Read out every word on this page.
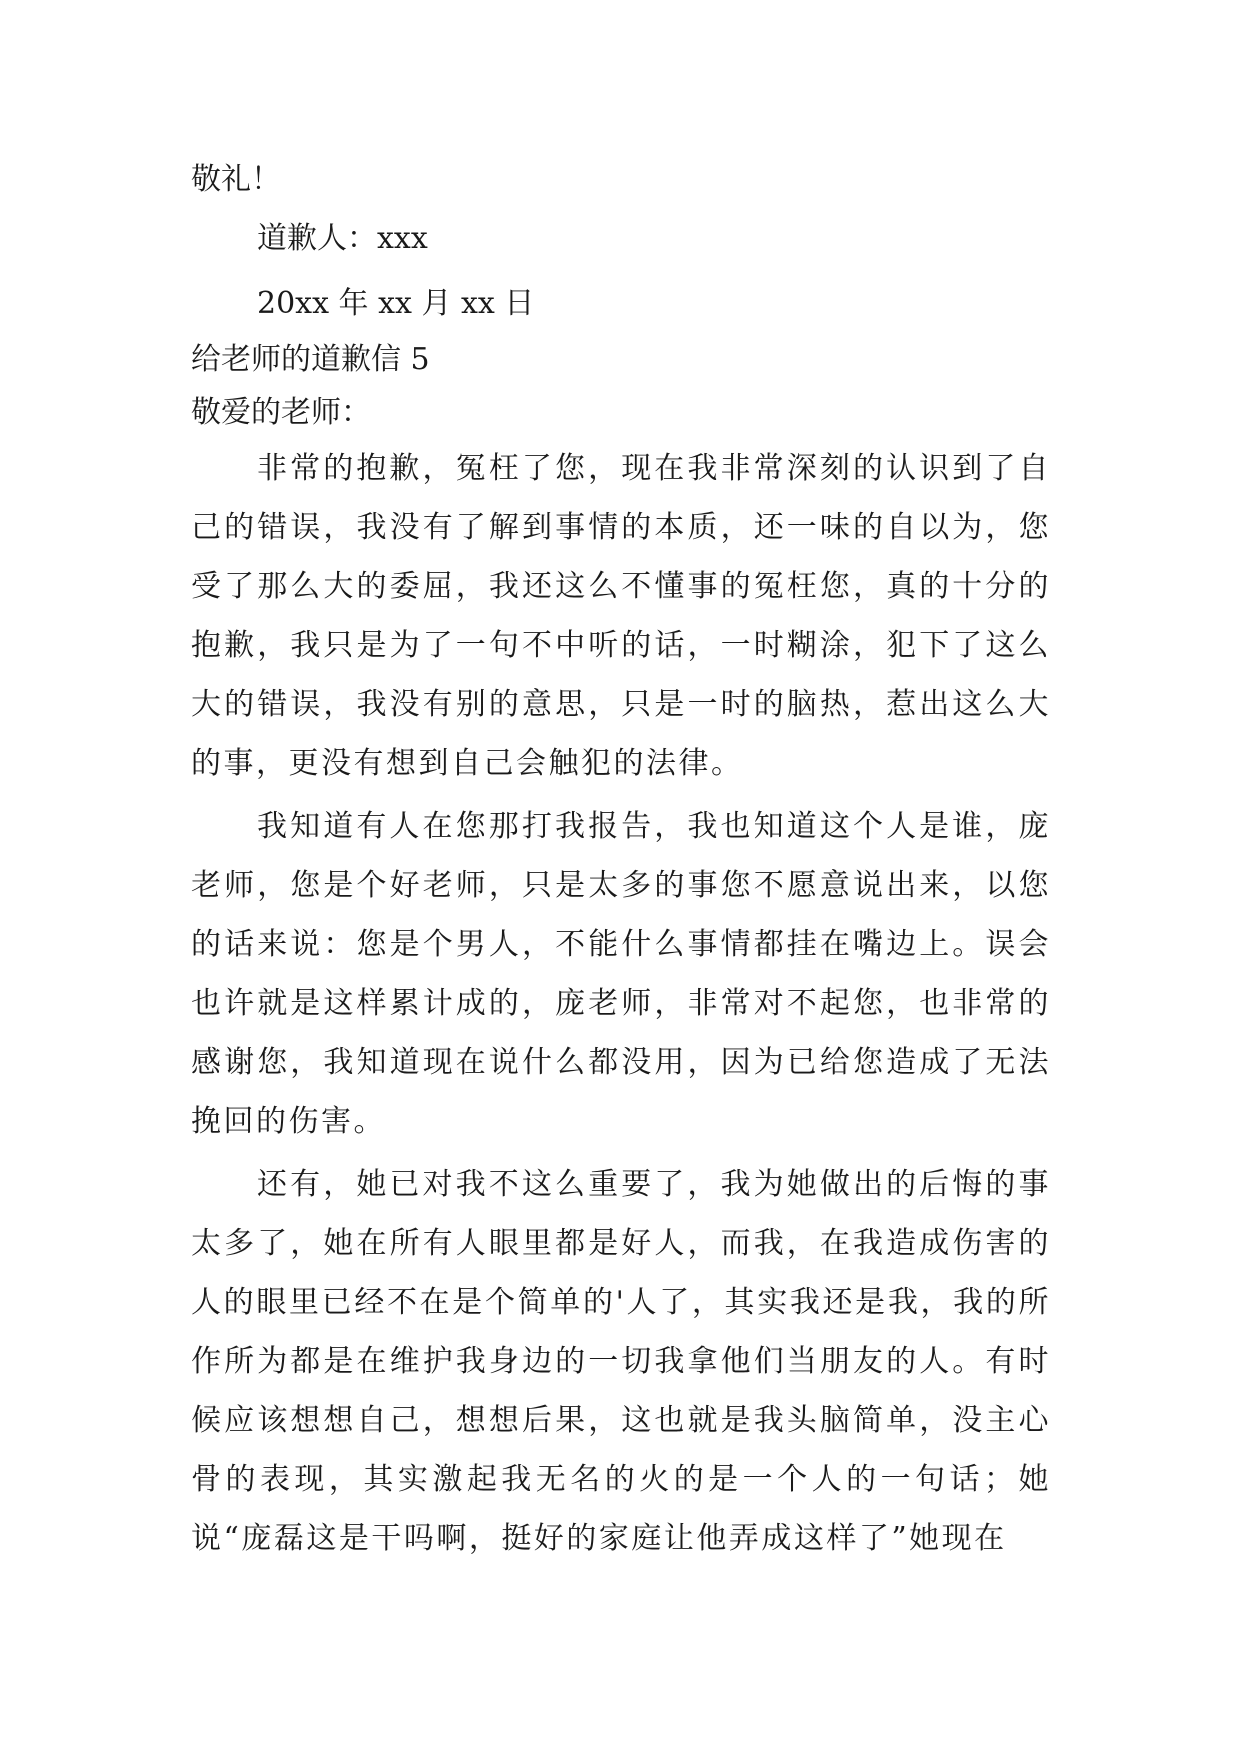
敬礼！

道歉人：xxx

20xx 年 xx 月 xx 日

给老师的道歉信 5

敬爱的老师：

非常的抱歉，冤枉了您，现在我非常深刻的认识到了自己的错误，我没有了解到事情的本质，还一味的自以为，您受了那么大的委屈，我还这么不懂事的冤枉您，真的十分的抱歉，我只是为了一句不中听的话，一时糊涂，犯下了这么大的错误，我没有别的意思，只是一时的脑热，惹出这么大的事，更没有想到自己会触犯的法律。

我知道有人在您那打我报告，我也知道这个人是谁，庞老师，您是个好老师，只是太多的事您不愿意说出来，以您的话来说：您是个男人，不能什么事情都挂在嘴边上。误会也许就是这样累计成的，庞老师，非常对不起您，也非常的感谢您，我知道现在说什么都没用，因为已给您造成了无法挽回的伤害。

还有，她已对我不这么重要了，我为她做出的后悔的事太多了，她在所有人眼里都是好人，而我，在我造成伤害的人的眼里已经不在是个简单的'人了，其实我还是我，我的所作所为都是在维护我身边的一切我拿他们当朋友的人。有时候应该想想自己，想想后果，这也就是我头脑简单，没主心骨的表现，其实激起我无名的火的是一个人的一句话；她说“庞磊这是干吗啊，挺好的家庭让他弄成这样了”她现在
